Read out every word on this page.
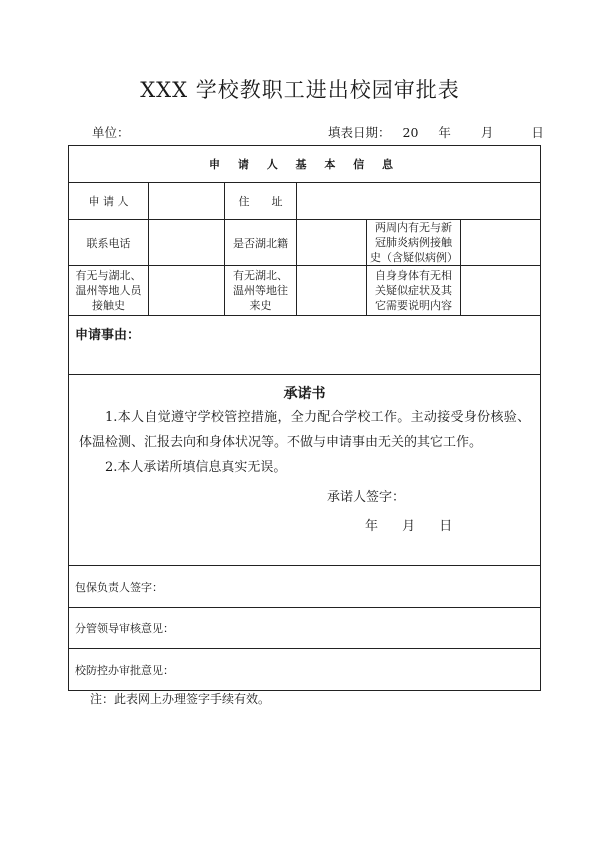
XXX 学校教职工进出校园审批表
单位：	填表日期： 20 年 月	日
申 请 人 基 本 信 息					
申 请 人		住　　址			
联系电话		是否湖北籍		两周内有无与新冠肺炎病例接触史（含疑似病例）	
有无与湖北、温州等地人员接触史		有无湖北、温州等地往来史		自身身体有无相关疑似症状及其它需要说明内容	
申请事由：					

承诺书
1.本人自觉遵守学校管控措施，全力配合学校工作。主动接受身份核验、体温检测、汇报去向和身体状况等。不做与申请事由无关的其它工作。
2.本人承诺所填信息真实无误。
承诺人签字：
年 月 日					

包保负责人签字：					
分管领导审核意见：					
校防控办审批意见：					
注：此表网上办理签字手续有效。
